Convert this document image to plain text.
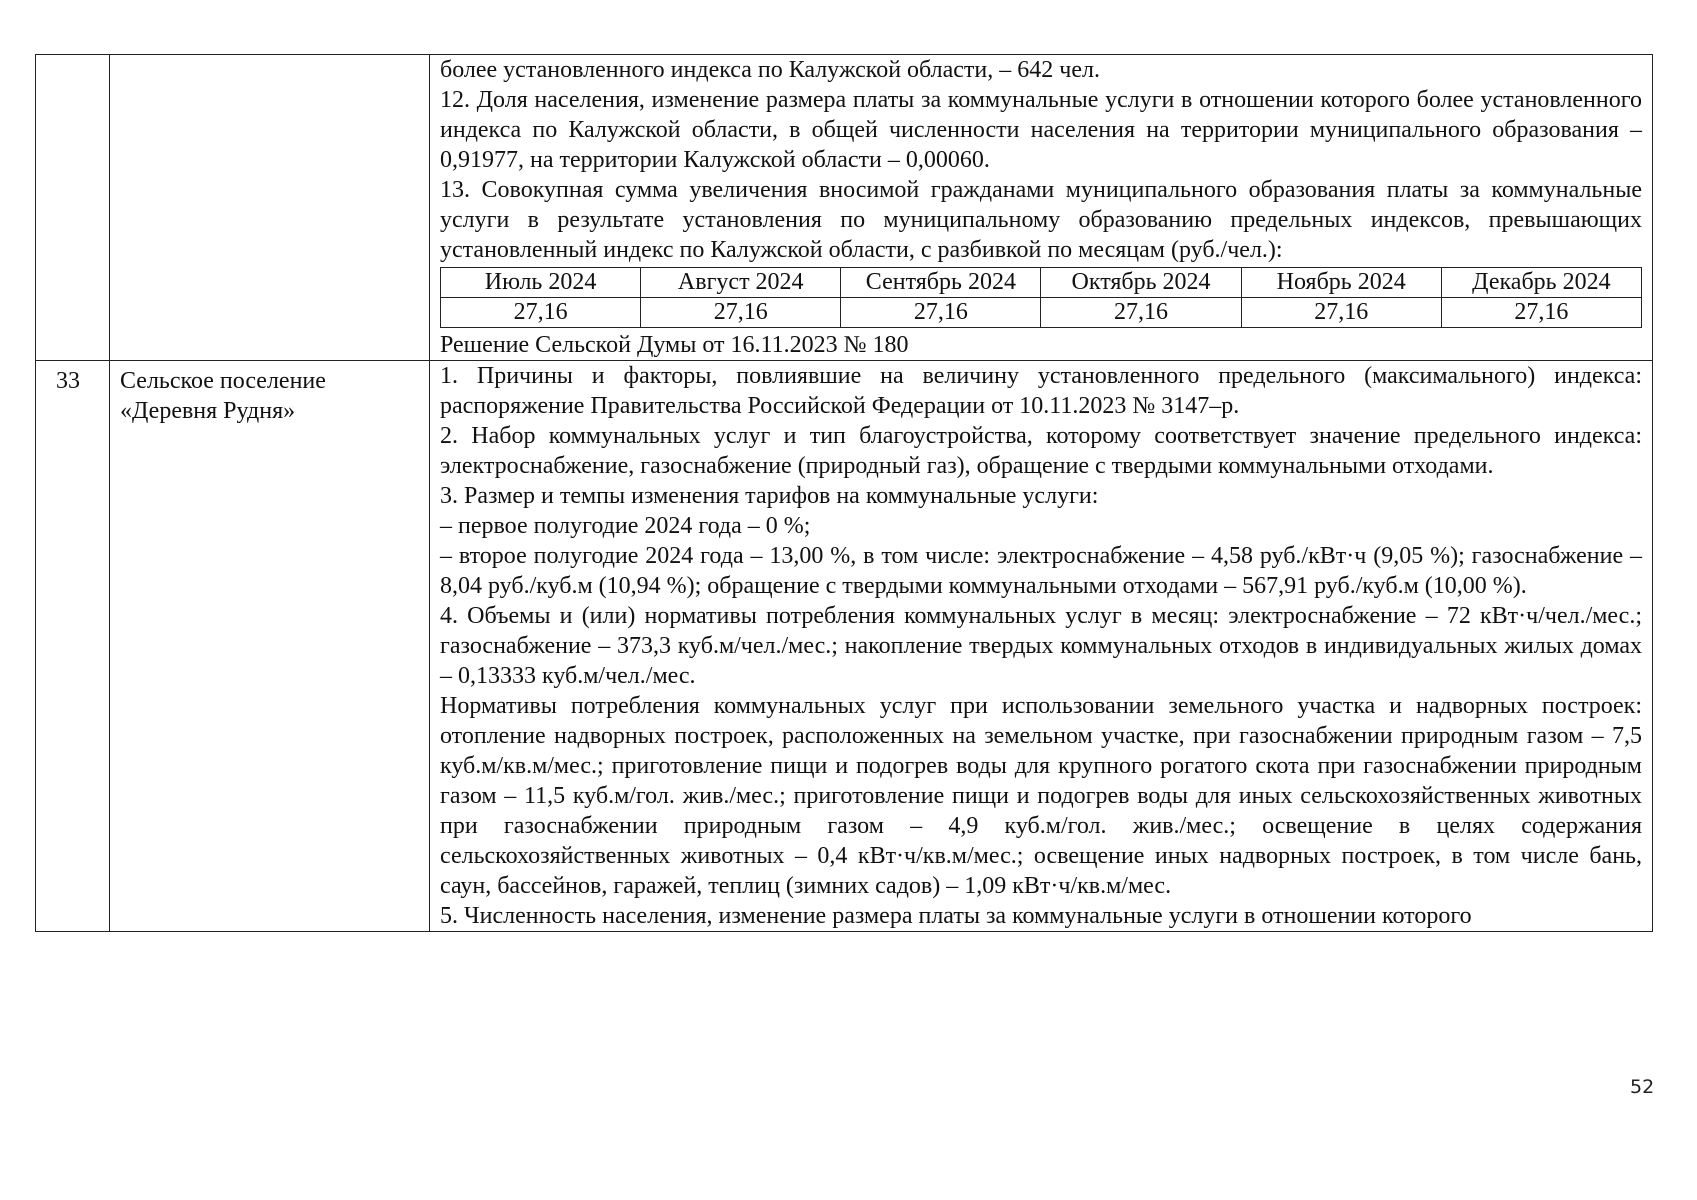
более установленного индекса по Калужской области, – 642 чел.

12. Доля населения, изменение размера платы за коммунальные услуги в отношении которого более установленного индекса по Калужской области, в общей численности населения на территории муниципального образования – 0,91977, на территории Калужской области – 0,00060.

13. Совокупная сумма увеличения вносимой гражданами муниципального образования платы за коммунальные услуги в результате установления по муниципальному образованию предельных индексов, превышающих установленный индекс по Калужской области, с разбивкой по месяцам (руб./чел.):

Июль 2024	Август 2024	Сентябрь 2024	Октябрь 2024	Ноябрь 2024	Декабрь 2024
27,16	27,16	27,16	27,16	27,16	27,16

Решение Сельской Думы от 16.11.2023 № 180

33	Сельское поселение
«Деревня Рудня»

1. Причины и факторы, повлиявшие на величину установленного предельного (максимального) индекса: распоряжение Правительства Российской Федерации от 10.11.2023 № 3147–р.

2. Набор коммунальных услуг и тип благоустройства, которому соответствует значение предельного индекса: электроснабжение, газоснабжение (природный газ), обращение с твердыми коммунальными отходами.

3. Размер и темпы изменения тарифов на коммунальные услуги:

– первое полугодие 2024 года – 0 %;

– второе полугодие 2024 года – 13,00 %, в том числе: электроснабжение – 4,58 руб./кВт·ч (9,05 %); газоснабжение – 8,04 руб./куб.м (10,94 %); обращение с твердыми коммунальными отходами – 567,91 руб./куб.м (10,00 %).

4. Объемы и (или) нормативы потребления коммунальных услуг в месяц: электроснабжение – 72 кВт·ч/чел./мес.; газоснабжение – 373,3 куб.м/чел./мес.; накопление твердых коммунальных отходов в индивидуальных жилых домах – 0,13333 куб.м/чел./мес.

Нормативы потребления коммунальных услуг при использовании земельного участка и надворных построек: отопление надворных построек, расположенных на земельном участке, при газоснабжении природным газом – 7,5 куб.м/кв.м/мес.; приготовление пищи и подогрев воды для крупного рогатого скота при газоснабжении природным газом – 11,5 куб.м/гол. жив./мес.; приготовление пищи и подогрев воды для иных сельскохозяйственных животных при газоснабжении природным газом – 4,9 куб.м/гол. жив./мес.; освещение в целях содержания сельскохозяйственных животных – 0,4 кВт·ч/кв.м/мес.; освещение иных надворных построек, в том числе бань, саун, бассейнов, гаражей, теплиц (зимних садов) – 1,09 кВт·ч/кв.м/мес.

5. Численность населения, изменение размера платы за коммунальные услуги в отношении которого

52
